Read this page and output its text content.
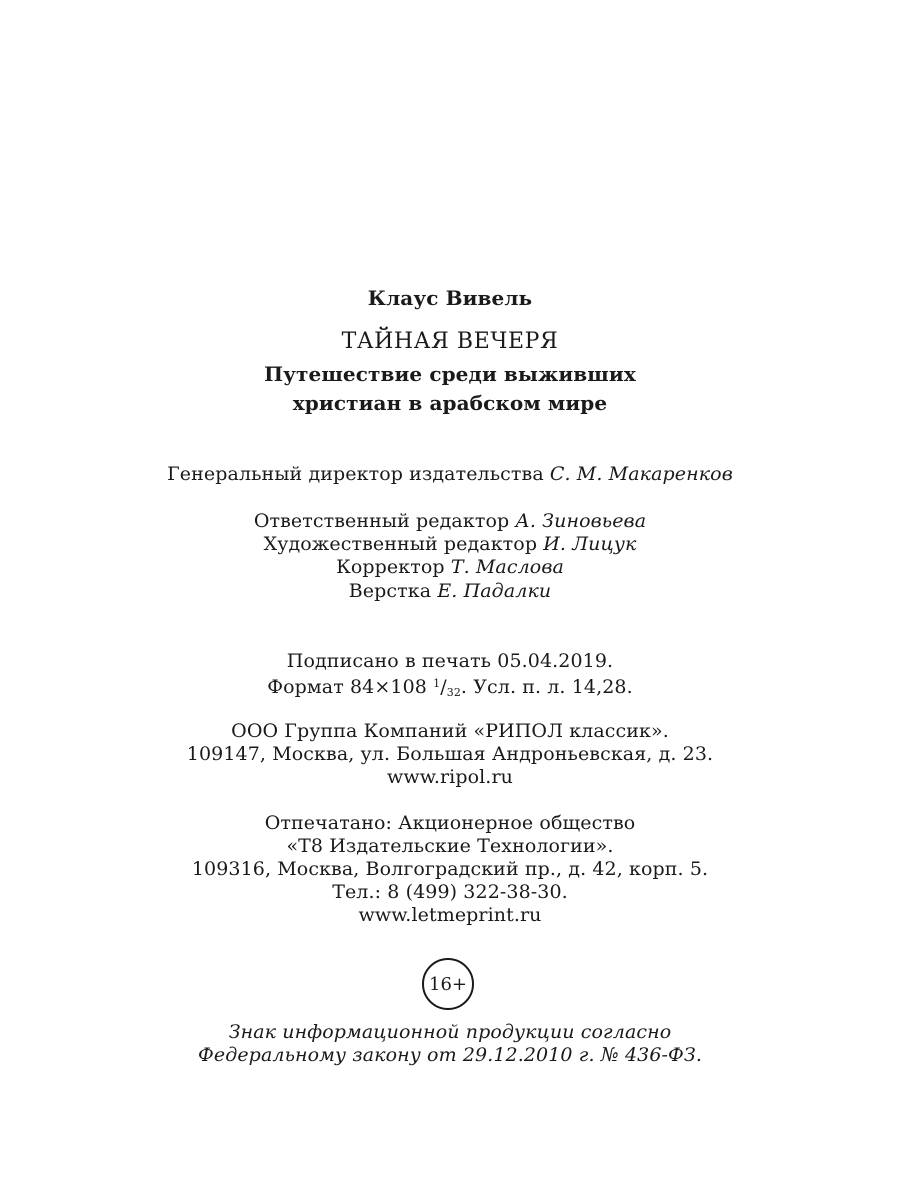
Клаус Вивель
ТАЙНАЯ ВЕЧЕРЯ
Путешествие среди выживших
христиан в арабском мире
Генеральный директор издательства С. М. Макаренков
Ответственный редактор А. Зиновьева
Художественный редактор И. Лицук
Корректор Т. Маслова
Верстка Е. Падалки
Подписано в печать 05.04.2019.
Формат 84×108 $^1/_{32}$. Усл. п. л. 14,28.
ООО Группа Компаний «РИПОЛ классик».
109147, Москва, ул. Большая Андроньевская, д. 23.
www.ripol.ru
Отпечатано: Акционерное общество
«Т8 Издательские Технологии».
109316, Москва, Волгоградский пр., д. 42, корп. 5.
Тел.: 8 (499) 322-38-30.
www.letmeprint.ru
16+
Знак информационной продукции согласно
Федеральному закону от 29.12.2010 г. № 436-ФЗ.
